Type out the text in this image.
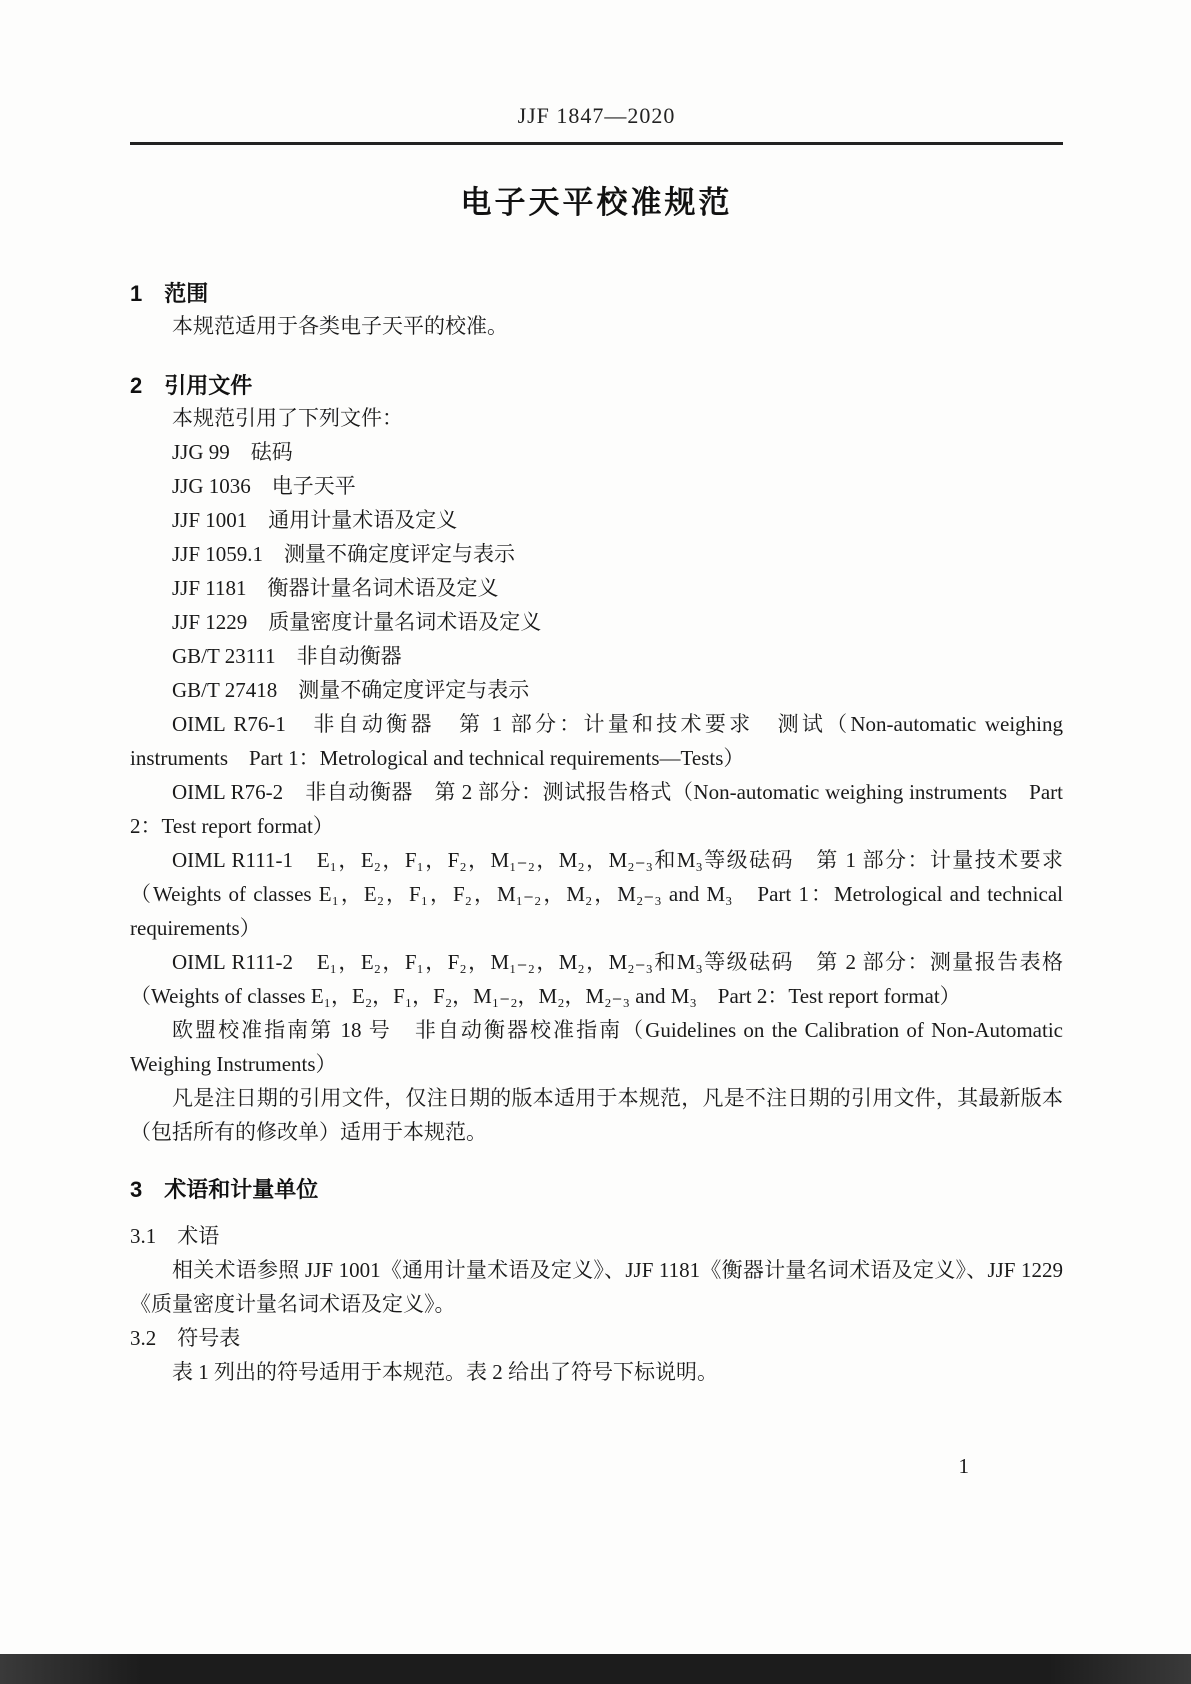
JJF 1847—2020
电子天平校准规范
1　范围

本规范适用于各类电子天平的校准。

2　引用文件

本规范引用了下列文件：

JJG 99　砝码

JJG 1036　电子天平

JJF 1001　通用计量术语及定义

JJF 1059.1　测量不确定度评定与表示

JJF 1181　衡器计量名词术语及定义

JJF 1229　质量密度计量名词术语及定义

GB/T 23111　非自动衡器

GB/T 27418　测量不确定度评定与表示

OIML R76-1　非自动衡器　第 1 部分：计量和技术要求　测试（Non-automatic weighing instruments　Part 1：Metrological and technical requirements—Tests）

OIML R76-2　非自动衡器　第 2 部分：测试报告格式（Non-automatic weighing instruments　Part 2：Test report format）

OIML R111-1　E₁，E₂，F₁，F₂，M₁₋₂，M₂，M₂₋₃和M₃等级砝码　第 1 部分：计量技术要求（Weights of classes E₁，E₂，F₁，F₂，M₁₋₂，M₂，M₂₋₃ and M₃　Part 1：Metrological and technical requirements）

OIML R111-2　E₁，E₂，F₁，F₂，M₁₋₂，M₂，M₂₋₃和M₃等级砝码　第 2 部分：测量报告表格（Weights of classes E₁，E₂，F₁，F₂，M₁₋₂，M₂，M₂₋₃ and M₃　Part 2：Test report format）

欧盟校准指南第 18 号　非自动衡器校准指南（Guidelines on the Calibration of Non-Automatic Weighing Instruments）

凡是注日期的引用文件，仅注日期的版本适用于本规范，凡是不注日期的引用文件，其最新版本（包括所有的修改单）适用于本规范。

3　术语和计量单位

3.1　术语

相关术语参照 JJF 1001《通用计量术语及定义》、JJF 1181《衡器计量名词术语及定义》、JJF 1229《质量密度计量名词术语及定义》。

3.2　符号表

表 1 列出的符号适用于本规范。表 2 给出了符号下标说明。

1
